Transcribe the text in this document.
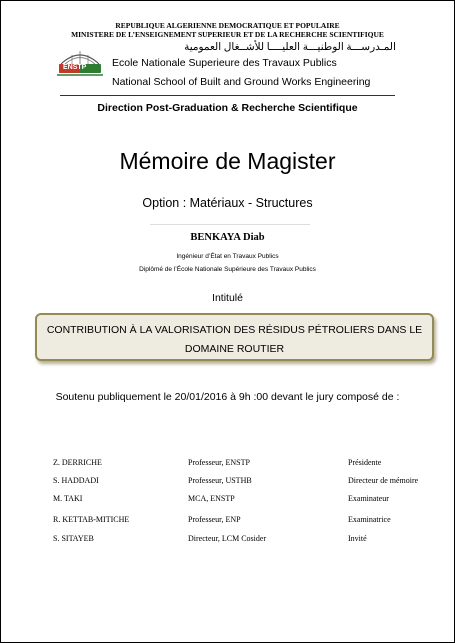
REPUBLIQUE ALGERIENNE DEMOCRATIQUE ET POPULAIRE
MINISTERE DE L’ENSEIGNEMENT SUPERIEUR ET DE LA RECHERCHE SCIENTIFIQUE
المـدرســـة الوطنيـــة العليــــا للأشــغال العمومية
ENSTP Ecole Nationale Superieure des Travaux Publics
National School of Built and Ground Works Engineering
Direction Post-Graduation & Recherche Scientifique
Mémoire de Magister
Option : Matériaux - Structures
BENKAYA Diab
Ingénieur d’État en Travaux Publics
Diplômé de l’École Nationale Supérieure des Travaux Publics
Intitulé
CONTRIBUTION À LA VALORISATION DES RÉSIDUS PÉTROLIERS DANS LE DOMAINE ROUTIER
Soutenu publiquement le 20/01/2016 à 9h :00 devant le jury composé de :
Z. DERRICHE	Professeur, ENSTP	Présidente
S. HADDADI	Professeur, USTHB	Directeur de mémoire
M. TAKI	MCA, ENSTP	Examinateur
R. KETTAB-MITICHE	Professeur, ENP	Examinatrice
S. SITAYEB	Directeur, LCM Cosider	Invité
